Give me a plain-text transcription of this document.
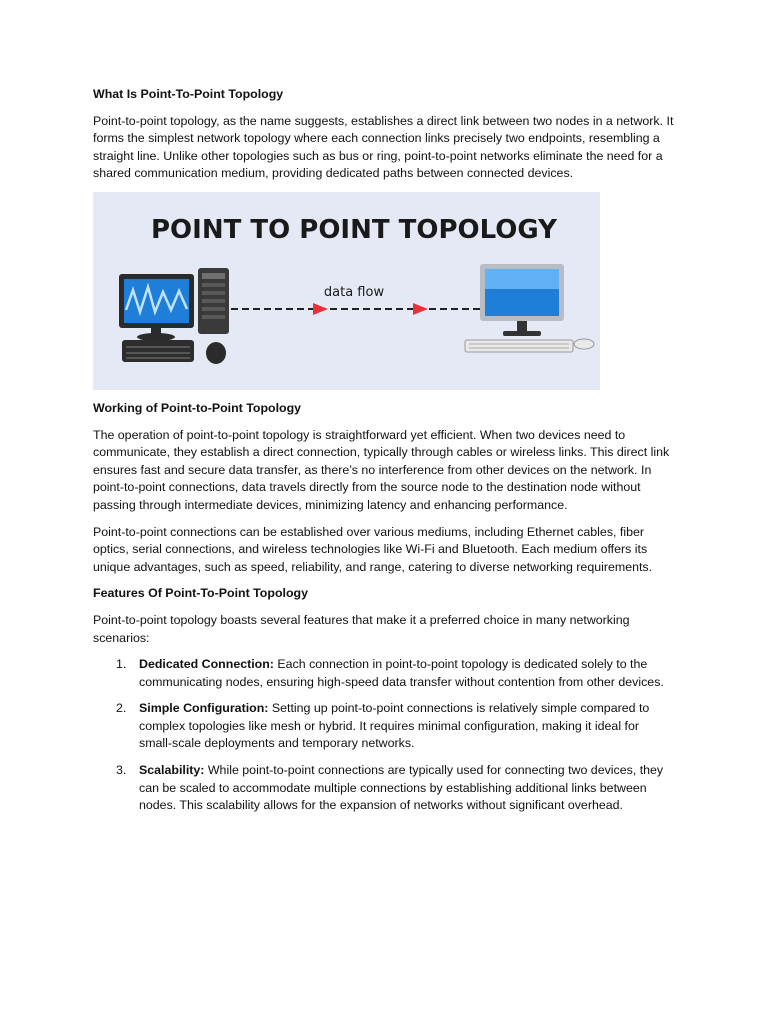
What Is Point-To-Point Topology

Point-to-point topology, as the name suggests, establishes a direct link between two nodes in a network. It forms the simplest network topology where each connection links precisely two endpoints, resembling a straight line. Unlike other topologies such as bus or ring, point-to-point networks eliminate the need for a shared communication medium, providing dedicated paths between connected devices.

POINT TO POINT TOPOLOGY
data flow
Working of Point-to-Point Topology

The operation of point-to-point topology is straightforward yet efficient. When two devices need to communicate, they establish a direct connection, typically through cables or wireless links. This direct link ensures fast and secure data transfer, as there’s no interference from other devices on the network. In point-to-point connections, data travels directly from the source node to the destination node without passing through intermediate devices, minimizing latency and enhancing performance.

Point-to-point connections can be established over various mediums, including Ethernet cables, fiber optics, serial connections, and wireless technologies like Wi-Fi and Bluetooth. Each medium offers its unique advantages, such as speed, reliability, and range, catering to diverse networking requirements.

Features Of Point-To-Point Topology

Point-to-point topology boasts several features that make it a preferred choice in many networking scenarios:

1. Dedicated Connection: Each connection in point-to-point topology is dedicated solely to the communicating nodes, ensuring high-speed data transfer without contention from other devices.
2. Simple Configuration: Setting up point-to-point connections is relatively simple compared to complex topologies like mesh or hybrid. It requires minimal configuration, making it ideal for small-scale deployments and temporary networks.
3. Scalability: While point-to-point connections are typically used for connecting two devices, they can be scaled to accommodate multiple connections by establishing additional links between nodes. This scalability allows for the expansion of networks without significant overhead.
